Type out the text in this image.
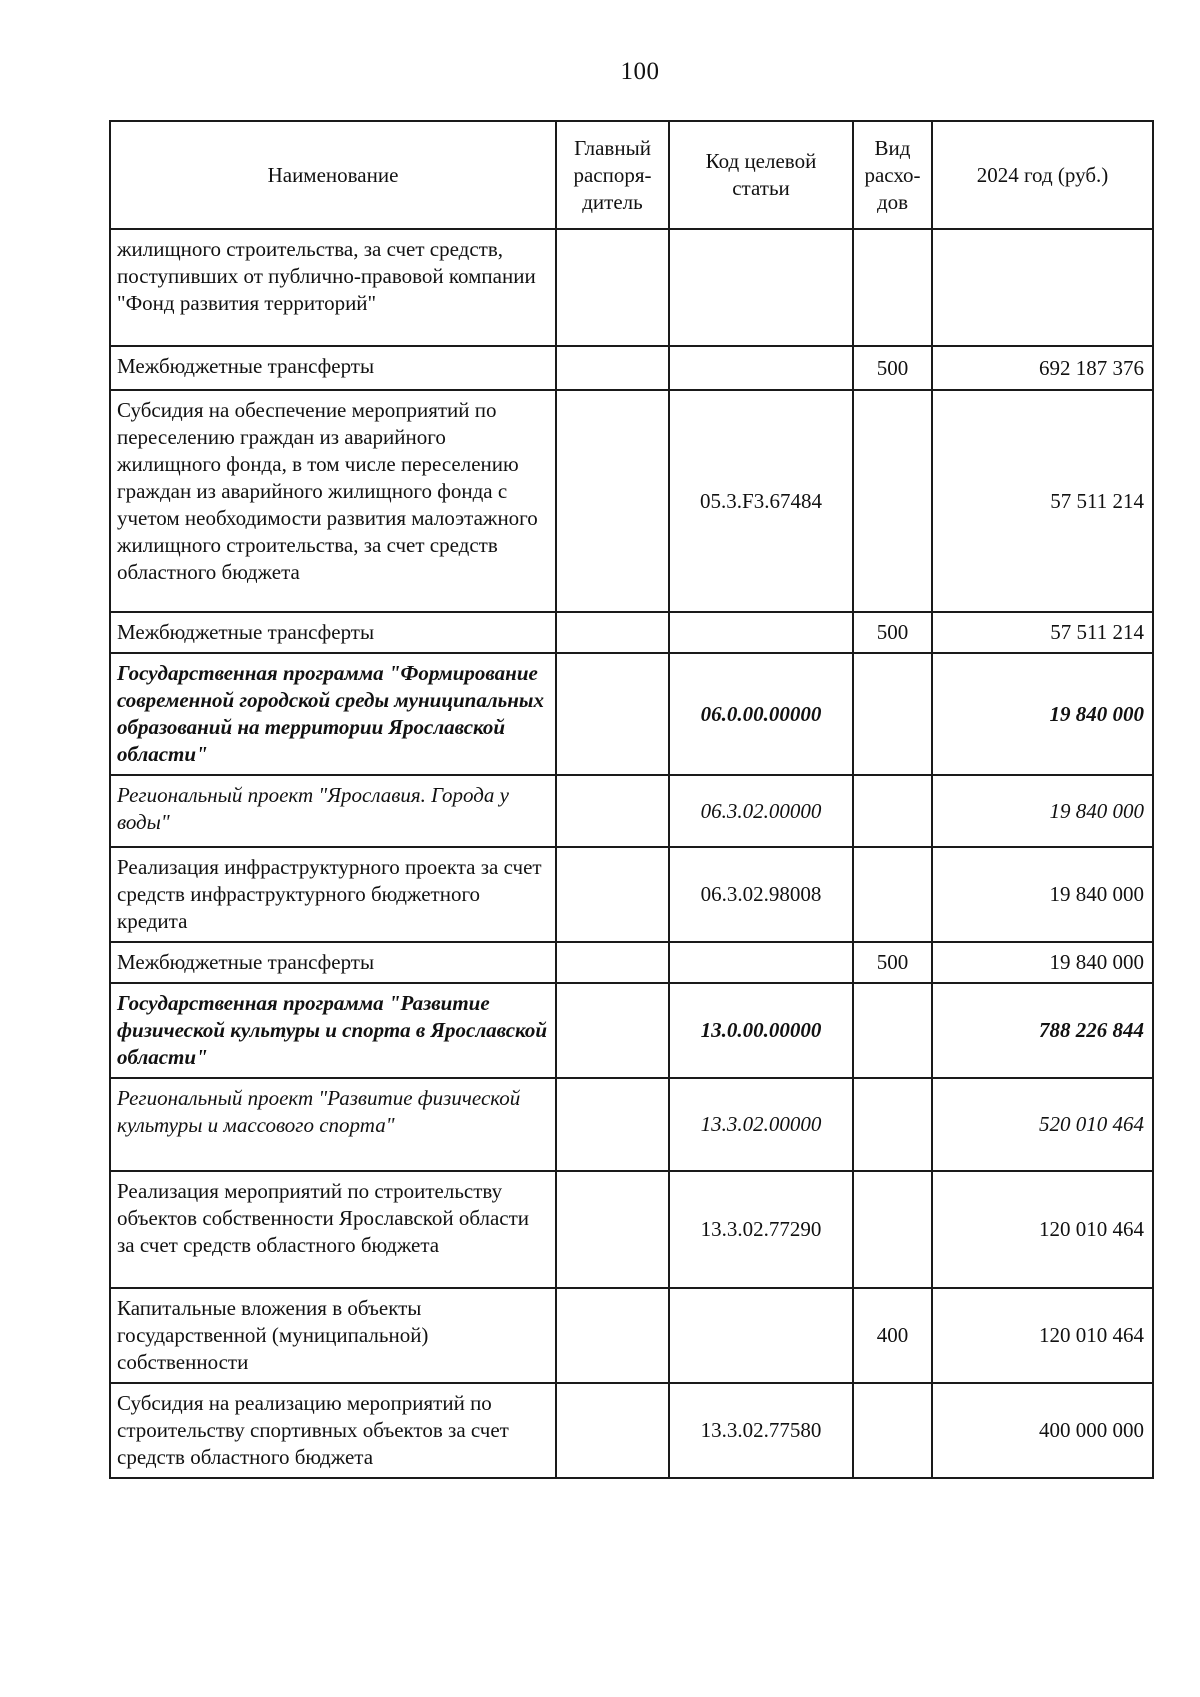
100
Наименование	Главный распоря-дитель	Код целевой статьи	Вид расхо-дов	2024 год (руб.)
жилищного строительства, за счет средств, поступивших от публично-правовой компании "Фонд развития территорий"				
Межбюджетные трансферты			500	692 187 376
Субсидия на обеспечение мероприятий по переселению граждан из аварийного жилищного фонда, в том числе переселению граждан из аварийного жилищного фонда с учетом необходимости развития малоэтажного жилищного строительства, за счет средств областного бюджета		05.3.F3.67484		57 511 214
Межбюджетные трансферты			500	57 511 214
Государственная программа "Формирование современной городской среды муниципальных образований на территории Ярославской области"		06.0.00.00000		19 840 000
Региональный проект "Ярославия. Города у воды"		06.3.02.00000		19 840 000
Реализация инфраструктурного проекта за счет средств инфраструктурного бюджетного кредита		06.3.02.98008		19 840 000
Межбюджетные трансферты			500	19 840 000
Государственная программа "Развитие физической культуры и спорта в Ярославской области"		13.0.00.00000		788 226 844
Региональный проект "Развитие физической культуры и массового спорта"		13.3.02.00000		520 010 464
Реализация мероприятий по строительству объектов собственности Ярославской области за счет средств областного бюджета		13.3.02.77290		120 010 464
Капитальные вложения в объекты государственной (муниципальной) собственности			400	120 010 464
Субсидия на реализацию мероприятий по строительству спортивных объектов за счет средств областного бюджета		13.3.02.77580		400 000 000
